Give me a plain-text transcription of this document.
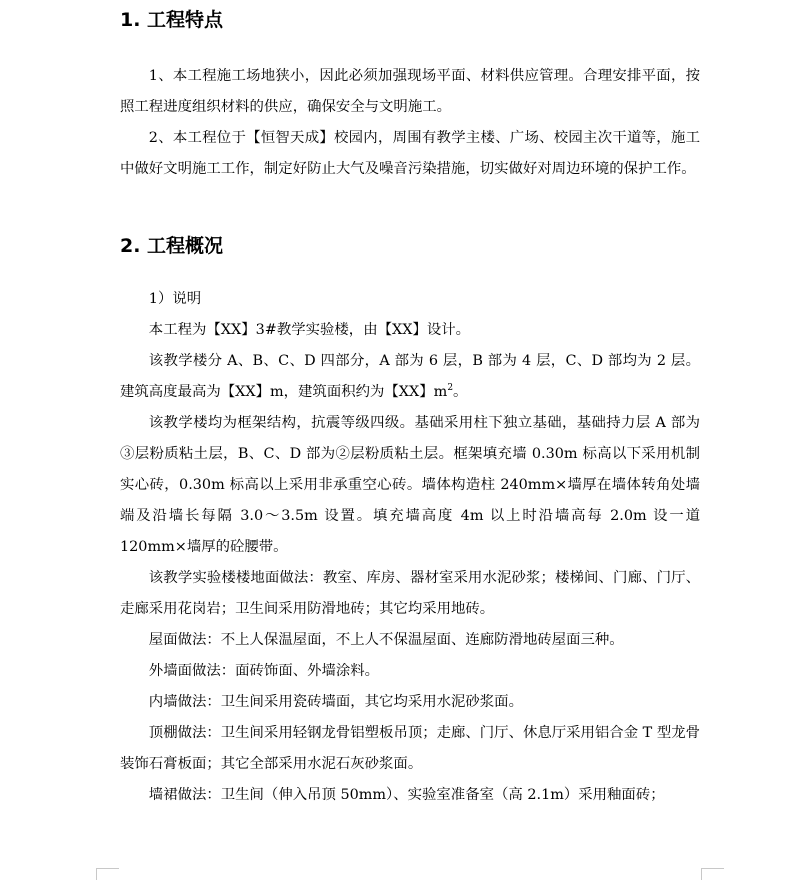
1. 工程特点

1、本工程施工场地狭小，因此必须加强现场平面、材料供应管理。合理安排平面，按照工程进度组织材料的供应，确保安全与文明施工。

2、本工程位于【恒智天成】校园内，周围有教学主楼、广场、校园主次干道等，施工中做好文明施工工作，制定好防止大气及噪音污染措施，切实做好对周边环境的保护工作。

2. 工程概况

1）说明

本工程为【XX】3#教学实验楼，由【XX】设计。

该教学楼分 A、B、C、D 四部分，A 部为 6 层，B 部为 4 层，C、D 部均为 2 层。建筑高度最高为【XX】m，建筑面积约为【XX】$m^2$。

该教学楼均为框架结构，抗震等级四级。基础采用柱下独立基础，基础持力层 A 部为③层粉质粘土层，B、C、D 部为②层粉质粘土层。框架填充墙 0.30m 标高以下采用机制实心砖，0.30m 标高以上采用非承重空心砖。墙体构造柱 240mm×墙厚在墙体转角处墙端及沿墙长每隔 3.0～3.5m 设置。填充墙高度 4m 以上时沿墙高每 2.0m 设一道 120mm×墙厚的砼腰带。

该教学实验楼楼地面做法：教室、库房、器材室采用水泥砂浆；楼梯间、门廊、门厅、走廊采用花岗岩；卫生间采用防滑地砖；其它均采用地砖。

屋面做法：不上人保温屋面，不上人不保温屋面、连廊防滑地砖屋面三种。

外墙面做法：面砖饰面、外墙涂料。

内墙做法：卫生间采用瓷砖墙面，其它均采用水泥砂浆面。

顶棚做法：卫生间采用轻钢龙骨铝塑板吊顶；走廊、门厅、休息厅采用铝合金 T 型龙骨装饰石膏板面；其它全部采用水泥石灰砂浆面。

墙裙做法：卫生间（伸入吊顶 50mm）、实验室准备室（高 2.1m）采用釉面砖；
